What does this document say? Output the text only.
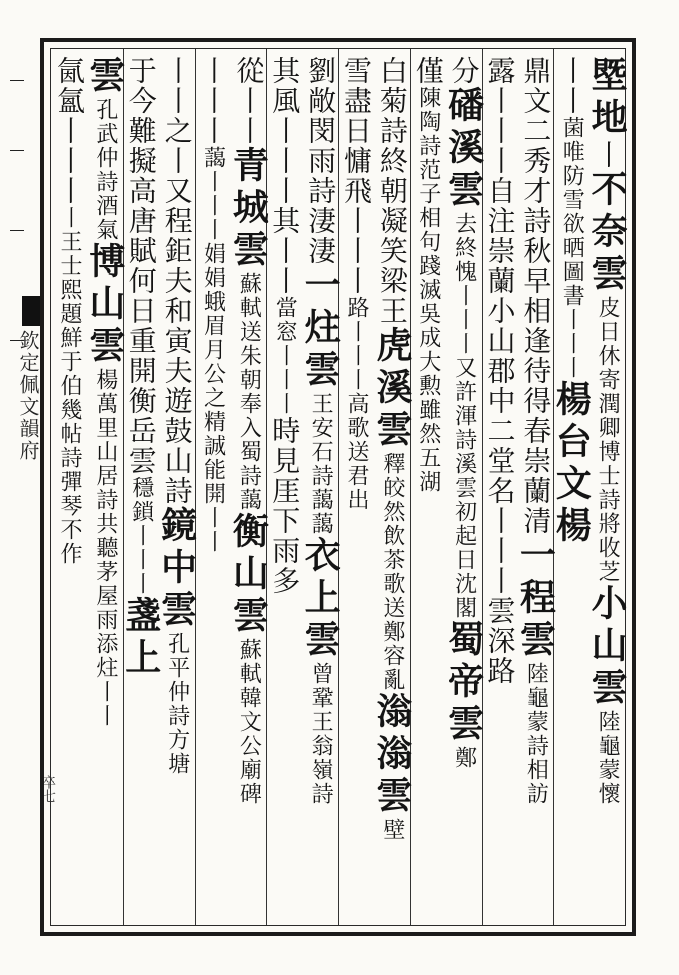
欽定佩文韻府
卒七
塈地
丨
不奈雲
皮日休寄潤卿博士詩將收芝
小山雲
陸龜蒙懷
丨丨
菌唯防雪欲晒圖書丨丨丨
楊台文楊
鼎文二秀才詩秋早相逢待得春崇蘭清
一程雲
陸龜蒙詩相訪
露丨丨丨自注崇蘭小山郡中二堂名
丨丨丨雲深路
分
磻溪雲
去終愧丨丨丨又許渾詩溪雲初起日沈閣
蜀帝雲
鄭
僅
陳陶詩范子相句踐滅吳成大勲雖然五湖
白菊詩終朝凝笑梁王
虎溪雲
釋皎然飲茶歌送鄭容亂
滃滃雲
壁
雪盡日慵飛丨丨丨
路丨丨丨高歌送君出
劉敞閔雨詩淒淒
一炷雲
王安石詩藹藹
衣上雲
曾鞏王翁嶺詩
其風丨丨丨其丨丨
當窓丨丨丨
時見厓下雨多
從丨丨
青城雲
蘇軾送朱朝奉入蜀詩藹
衡山雲
蘇軾韓文公廟碑
丨丨丨
藹丨丨丨娟娟蛾眉月
公之精誠能開丨丨
丨丨之丨又程鉅夫和寅夫遊鼓山詩
鏡中雲
孔平仲詩方塘
于今難擬高唐賦何日重開衡岳雲
穩鎖丨丨丨
盞上
雲
孔武仲詩酒氣
博山雲
楊萬里山居詩共聽茅屋雨添炷丨丨
氤氳丨丨丨
丨王士熙題鮮于伯幾帖詩彈琴不作
